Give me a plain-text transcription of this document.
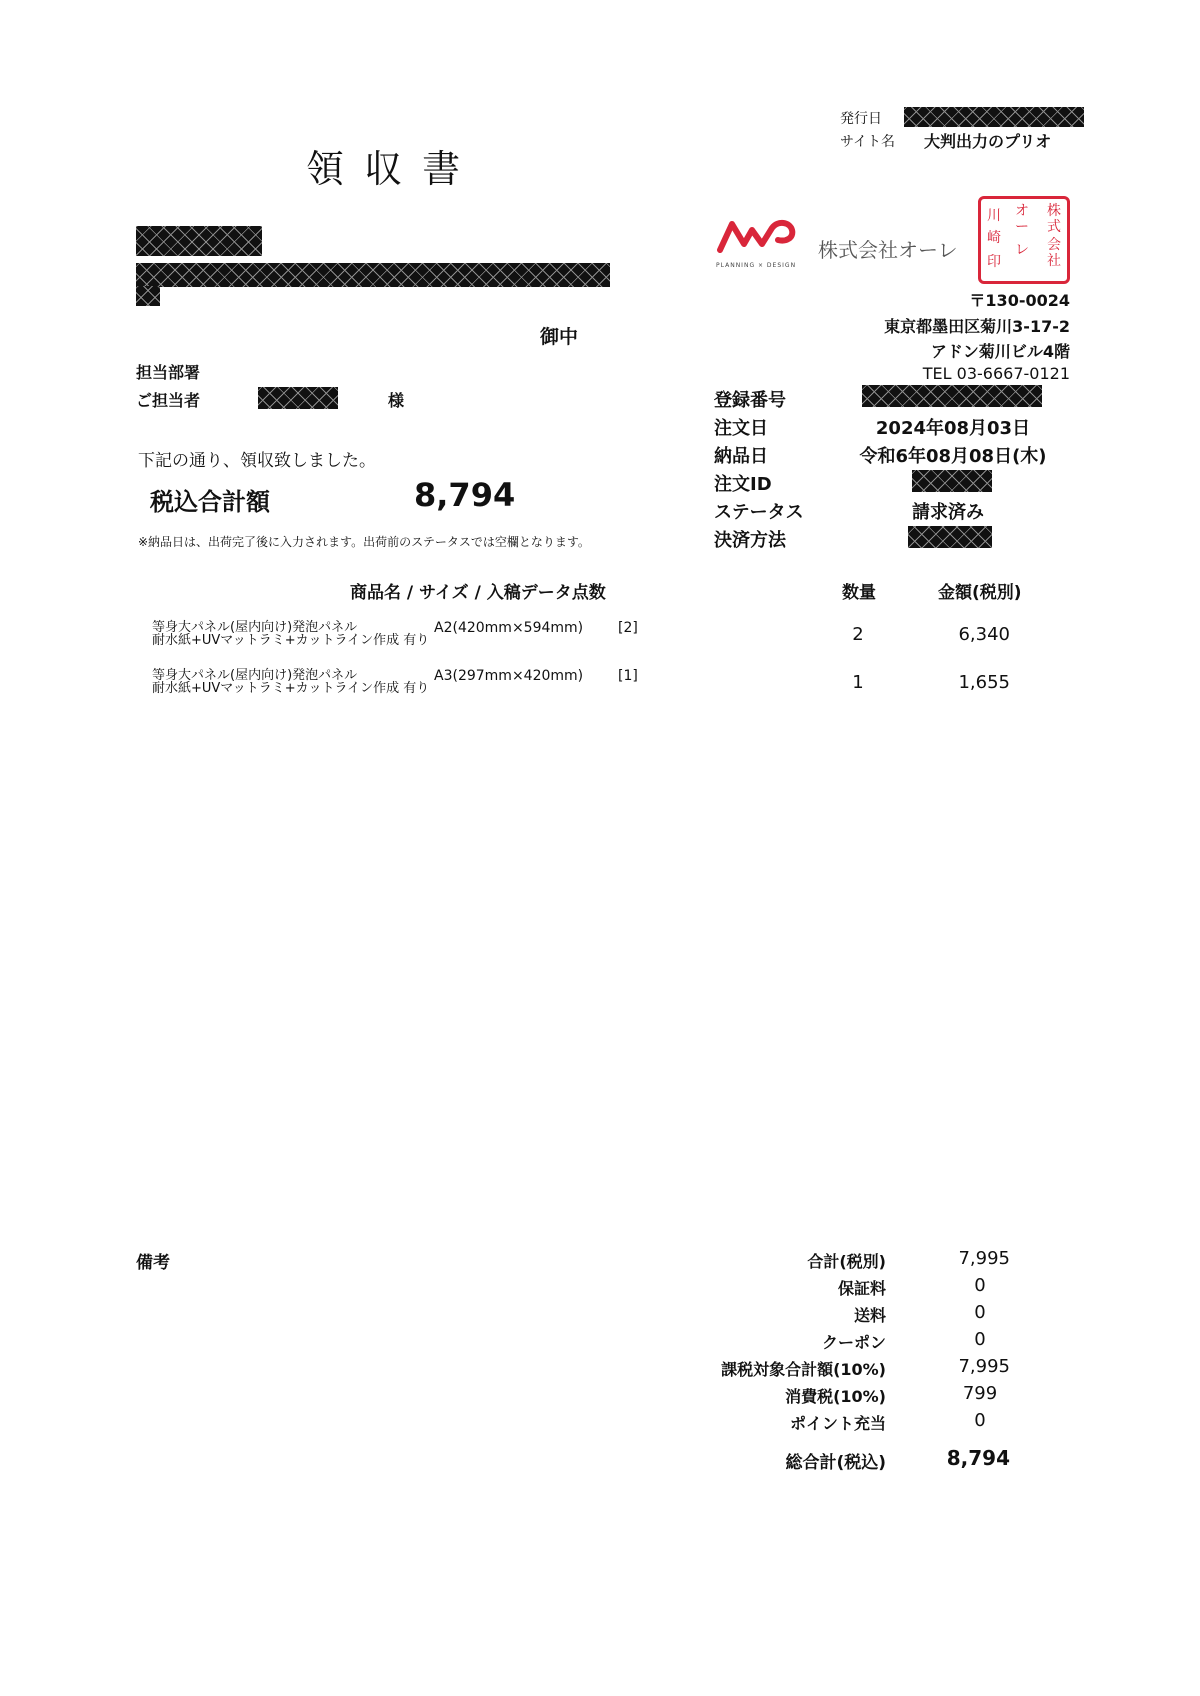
発行日
サイト名 大判出力のプリオ
領 収 書
御中
担当部署
ご担当者	様
下記の通り、領収致しました。
税込合計額	8,794
※納品日は、出荷完了後に入力されます。出荷前のステータスでは空欄となります。
PLANNING × DESIGN
株式会社オーレ
株式
会社
オー
レ
川
崎
印
〒130-0024
東京都墨田区菊川3-17-2
アドン菊川ビル4階
TEL 03-6667-0121
登録番号
注文日	2024年08月03日
納品日	令和6年08月08日(木)
注文ID
ステータス	請求済み
決済方法
商品名 / サイズ / 入稿データ点数	数量	金額(税別)
等身大パネル(屋内向け)発泡パネル
耐水紙+UVマットラミ+カットライン作成 有り
A2(420mm×594mm) [2]	2	6,340
等身大パネル(屋内向け)発泡パネル
耐水紙+UVマットラミ+カットライン作成 有り
A3(297mm×420mm) [1]	1	1,655
備考	合計(税別)	7,995
保証料	0
送料	0
クーポン	0
課税対象合計額(10%)	7,995
消費税(10%)	799
ポイント充当	0
総合計(税込)	8,794
